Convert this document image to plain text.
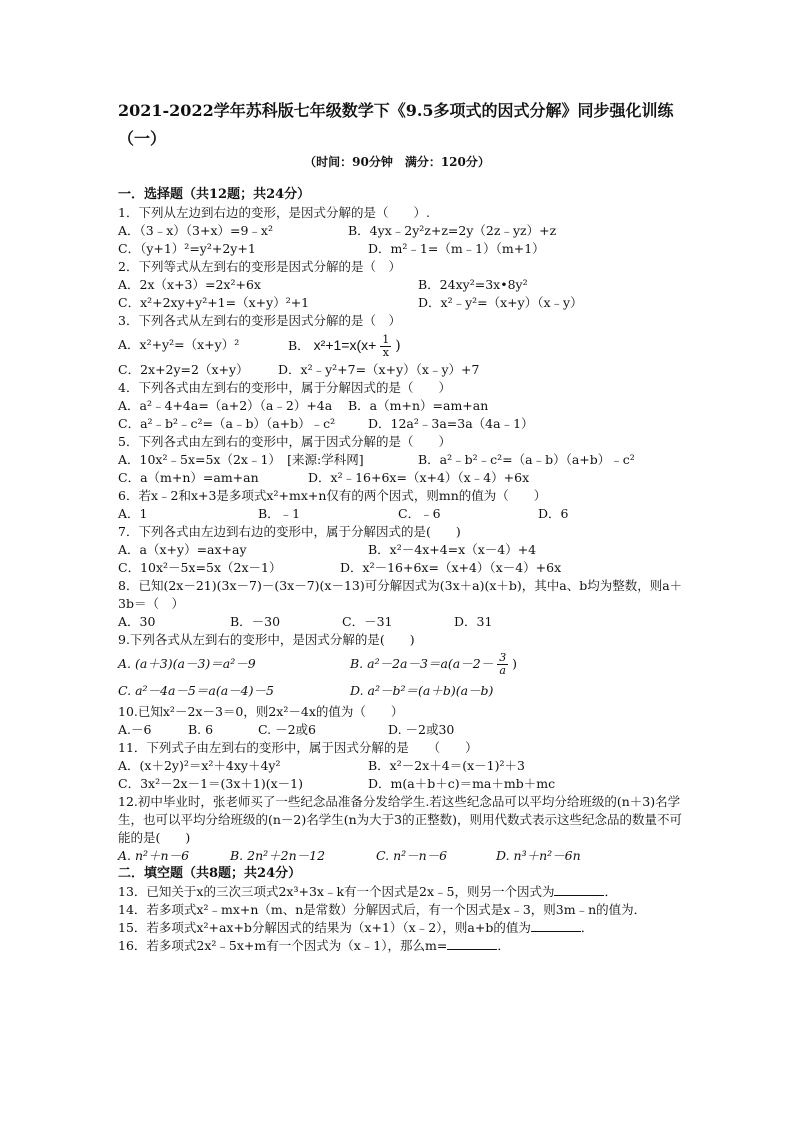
2021-2022学年苏科版七年级数学下《9.5多项式的因式分解》同步强化训练（一）
（时间：90分钟　满分：120分）
一．选择题（共12题；共24分）
1．下列从左边到右边的变形，是因式分解的是（　　）.
A．（3﹣x）（3+x）=9﹣x²	B．4yx﹣2y²z+z=2y（2z﹣yz）+z
C．（y+1）²=y²+2y+1	D．m²﹣1=（m﹣1）（m+1）
2．下列等式从左到右的变形是因式分解的是（　）
A．2x（x+3）=2x²+6x	B．24xy²=3x•8y²
C．x²+2xy+y²+1=（x+y）²+1	D．x²﹣y²=（x+y）（x﹣y）
3．下列各式从左到右的变形是因式分解的是（　）
A．x²+y²=（x+y）²	B． $x^2+1=x(x+ \frac{1}{x}$ )
C．2x+2y=2（x+y）	D．x²﹣y²+7=（x+y）（x﹣y）+7
4．下列各式由左到右的变形中，属于分解因式的是（　　）
A．a²﹣4+4a=（a+2）（a﹣2）+4a	B．a（m+n）=am+an
C．a²﹣b²﹣c²=（a﹣b）（a+b）﹣c²	D．12a²﹣3a=3a（4a﹣1）
5．下列各式由左到右的变形中，属于因式分解的是（　　）
A．10x²﹣5x=5x（2x﹣1）　[来源:学科网]	B．a²﹣b²﹣c²=（a﹣b）（a+b）﹣c²
C．a（m+n）=am+an	D．x²﹣16+6x=（x+4）（x﹣4）+6x
6．若x﹣2和x+3是多项式x²+mx+n仅有的两个因式，则mn的值为（　　）
A．1	B．﹣1	C．﹣6	D．6
7．下列各式由左边到右边的变形中，属于分解因式的是(　　)
A．a（x+y）=ax+ay	B．x²－4x+4=x（x－4）+4
C．10x²－5x=5x（2x－1）	D．x²－16+6x=（x+4）（x－4）+6x
8．已知(2x－21)(3x－7)－(3x－7)(x－13)可分解因式为(3x＋a)(x＋b)，其中a、b均为整数，则a＋3b＝（　）
A．30	B．－30	C．－31	D．31
9.下列各式从左到右的变形中，是因式分解的是(　　)
A. (a＋3)(a－3)＝a²－9	B. $a^2-2a-3=a(a-2- \frac{3}{a}$ )
C. a²－4a－5＝a(a－4)－5	D. a²－b²＝(a＋b)(a－b)
10.已知x²－2x－3＝0，则2x²－4x的值为（　　）
A.－6	B. 6	C. －2或6	D. －2或30
11．下列式子由左到右的变形中，属于因式分解的是　　（　　）
A．(x＋2y)²＝x²＋4xy＋4y²	B．x²－2x＋4＝(x－1)²＋3
C．3x²－2x－1＝(3x＋1)(x－1)	D．m(a＋b＋c)＝ma＋mb＋mc
12.初中毕业时，张老师买了一些纪念品准备分发给学生.若这些纪念品可以平均分给班级的(n＋3)名学生，也可以平均分给班级的(n－2)名学生(n为大于3的正整数)，则用代数式表示这些纪念品的数量不可能的是(　　)
A. n²＋n－6	B. 2n²＋2n－12	C. n²－n－6	D. n³＋n²－6n
二．填空题（共8题；共24分）
13．已知关于x的三次三项式2x³+3x﹣k有一个因式是2x﹣5，则另一个因式为	．
14．若多项式x²﹣mx+n（m、n是常数）分解因式后，有一个因式是x﹣3，则3m﹣n的值为．
15．若多项式x²+ax+b分解因式的结果为（x+1）（x﹣2），则a+b的值为	．
16．若多项式2x²﹣5x+m有一个因式为（x﹣1），那么m=	．
